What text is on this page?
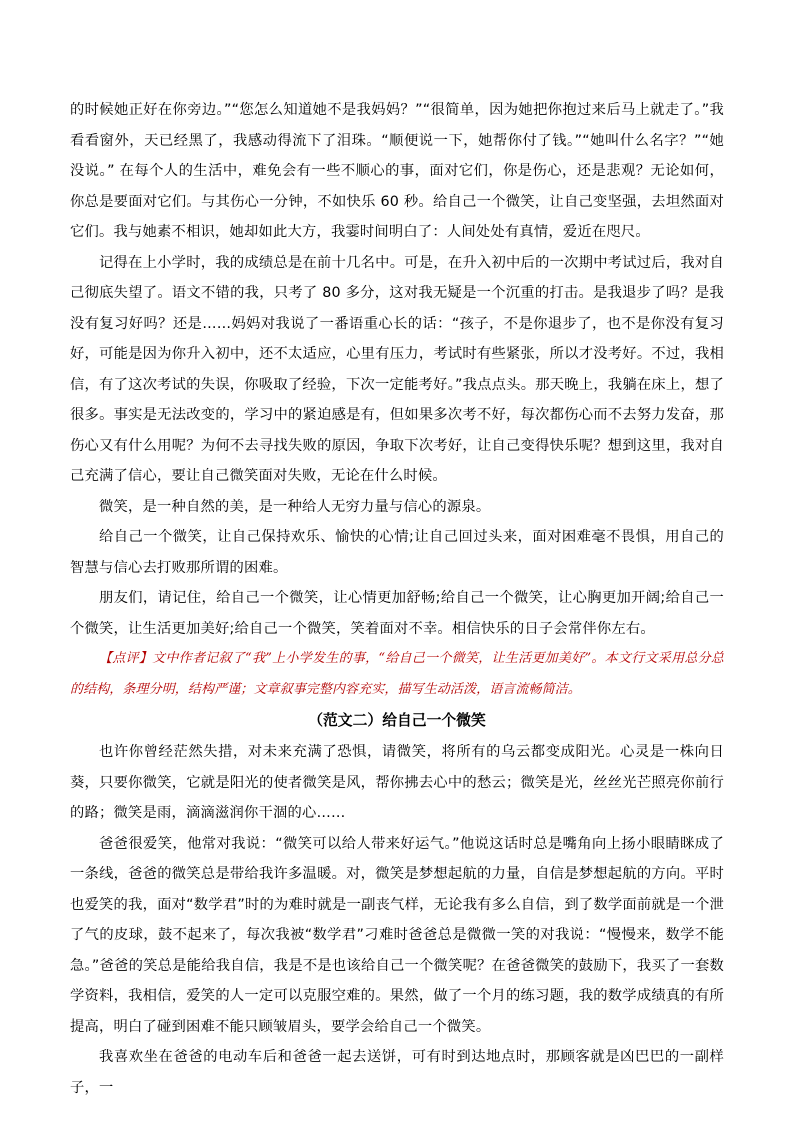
的时候她正好在你旁边。”“您怎么知道她不是我妈妈？”“很简单，因为她把你抱过来后马上就走了。”我看看窗外，天已经黑了，我感动得流下了泪珠。“顺便说一下，她帮你付了钱。”“她叫什么名字？”“她没说。” 在每个人的生活中，难免会有一些不顺心的事，面对它们，你是伤心，还是悲观？无论如何，你总是要面对它们。与其伤心一分钟，不如快乐 60 秒。给自己一个微笑，让自己变坚强，去坦然面对它们。我与她素不相识，她却如此大方，我霎时间明白了：人间处处有真情，爱近在咫尺。

记得在上小学时，我的成绩总是在前十几名中。可是，在升入初中后的一次期中考试过后，我对自己彻底失望了。语文不错的我，只考了 80 多分，这对我无疑是一个沉重的打击。是我退步了吗？是我没有复习好吗？还是……妈妈对我说了一番语重心长的话：“孩子，不是你退步了，也不是你没有复习好，可能是因为你升入初中，还不太适应，心里有压力，考试时有些紧张，所以才没考好。不过，我相信，有了这次考试的失误，你吸取了经验，下次一定能考好。”我点点头。那天晚上，我躺在床上，想了很多。事实是无法改变的，学习中的紧迫感是有，但如果多次考不好，每次都伤心而不去努力发奋，那伤心又有什么用呢？为何不去寻找失败的原因，争取下次考好，让自己变得快乐呢？想到这里，我对自己充满了信心，要让自己微笑面对失败，无论在什么时候。

微笑，是一种自然的美，是一种给人无穷力量与信心的源泉。

给自己一个微笑，让自己保持欢乐、愉快的心情;让自己回过头来，面对困难毫不畏惧，用自己的智慧与信心去打败那所谓的困难。

朋友们，请记住，给自己一个微笑，让心情更加舒畅;给自己一个微笑，让心胸更加开阔;给自己一个微笑，让生活更加美好;给自己一个微笑，笑着面对不幸。相信快乐的日子会常伴你左右。

【点评】文中作者记叙了“我”上小学发生的事，“给自己一个微笑，让生活更加美好”。本文行文采用总分总的结构，条理分明，结构严谨；文章叙事完整内容充实，描写生动活泼，语言流畅简洁。

（范文二）给自己一个微笑

也许你曾经茫然失措，对未来充满了恐惧，请微笑，将所有的乌云都变成阳光。心灵是一株向日葵，只要你微笑，它就是阳光的使者微笑是风，帮你拂去心中的愁云；微笑是光，丝丝光芒照亮你前行的路；微笑是雨，滴滴滋润你干涸的心……

爸爸很爱笑，他常对我说：“微笑可以给人带来好运气。”他说这话时总是嘴角向上扬小眼睛眯成了一条线，爸爸的微笑总是带给我许多温暖。对，微笑是梦想起航的力量，自信是梦想起航的方向。平时也爱笑的我，面对“数学君”时的为难时就是一副丧气样，无论我有多么自信，到了数学面前就是一个泄了气的皮球，鼓不起来了，每次我被“数学君”刁难时爸爸总是微微一笑的对我说：“慢慢来，数学不能急。”爸爸的笑总是能给我自信，我是不是也该给自己一个微笑呢？在爸爸微笑的鼓励下，我买了一套数学资料，我相信，爱笑的人一定可以克服空难的。果然，做了一个月的练习题，我的数学成绩真的有所提高，明白了碰到困难不能只顾皱眉头，要学会给自己一个微笑。

我喜欢坐在爸爸的电动车后和爸爸一起去送饼，可有时到达地点时，那顾客就是凶巴巴的一副样子，一
